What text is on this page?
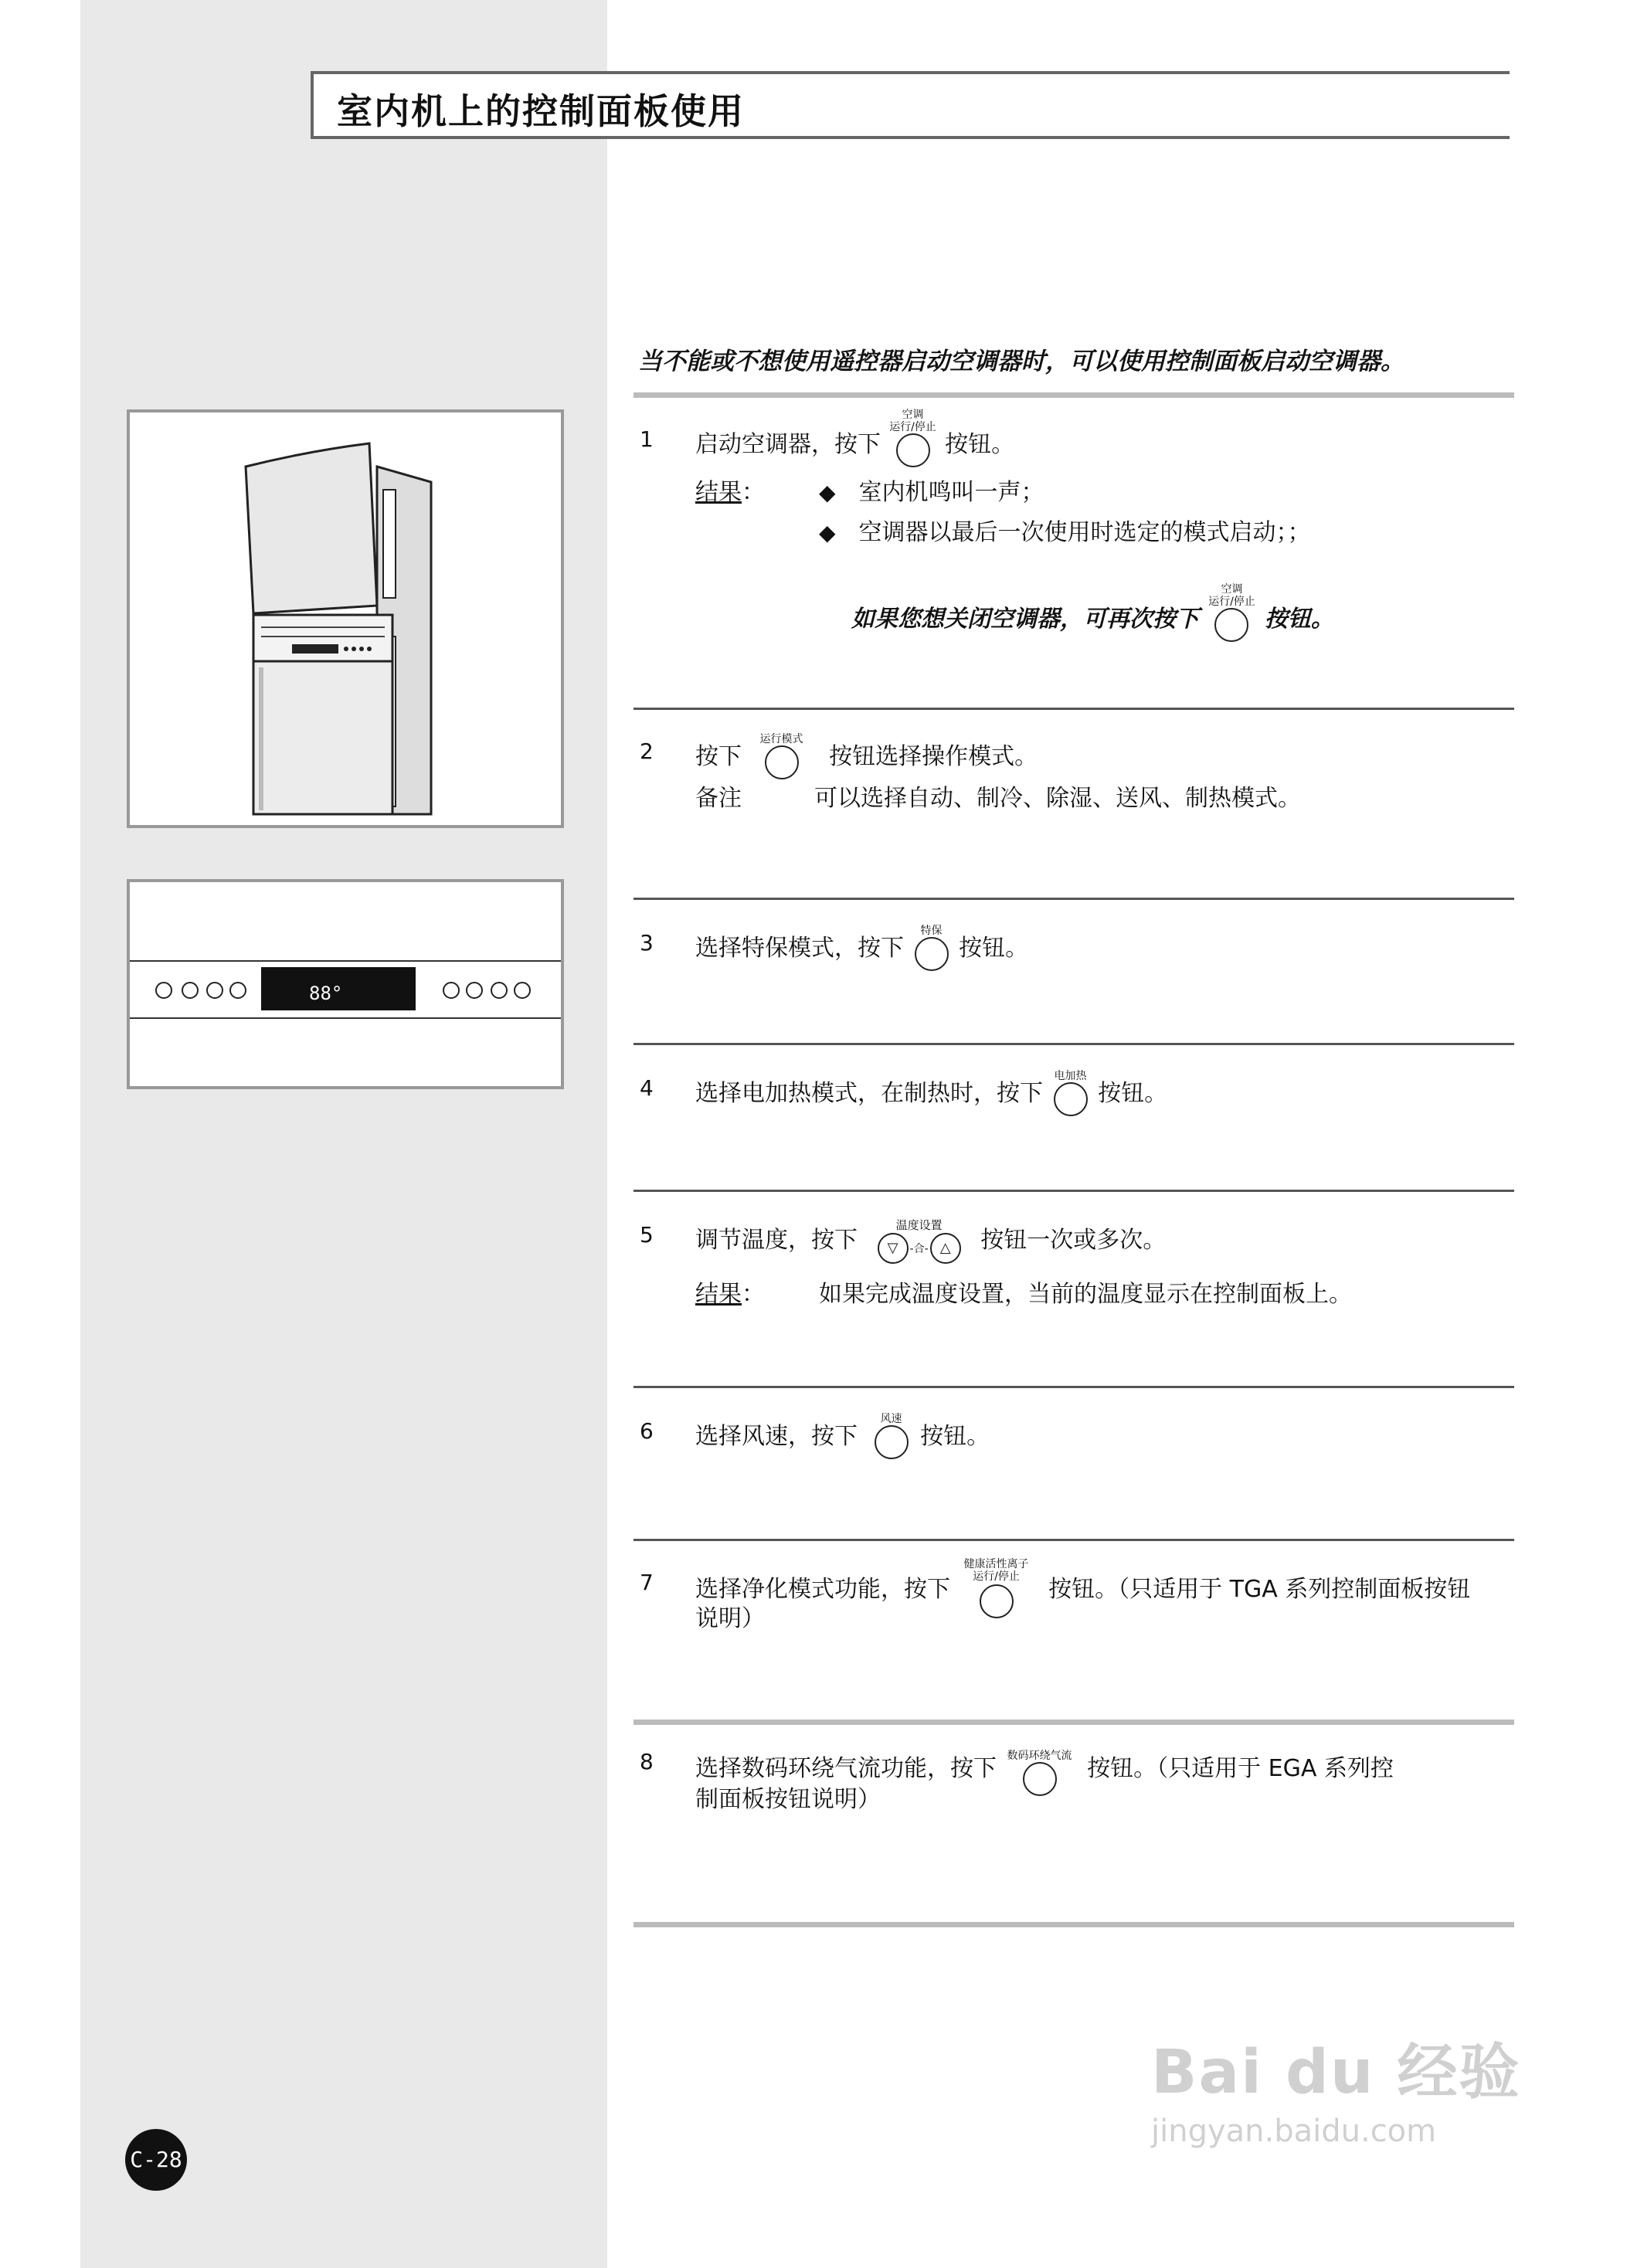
室内机上的控制面板使用
当不能或不想使用遥控器启动空调器时，可以使用控制面板启动空调器。
88°
1 启动空调器，按下
空调
运行/停止
按钮。
结果：	◆ 室内机鸣叫一声；
◆ 空调器以最后一次使用时选定的模式启动；；
如果您想关闭空调器，可再次按下
空调
运行/停止
按钮。
2 按下
运行模式
按钮选择操作模式。
备注	可以选择自动、制冷、除湿、送风、制热模式。
3 选择特保模式，按下
特保
按钮。
4 选择电加热模式，在制热时，按下
电加热
按钮。
5 调节温度，按下
温度设置
▽	-合- △	按钮一次或多次。
结果： 如果完成温度设置，当前的温度显示在控制面板上。
6 选择风速，按下
风速
按钮。
7 选择净化模式功能，按下
健康活性离子
运行/停止	按钮。（只适用于 TGA 系列控制面板按钮
说明）
8 选择数码环绕气流功能，按下 数码环绕气流 按钮。（只适用于 EGA 系列控
制面板按钮说明）
C-28
Bai du 经验
jingyan.baidu.com
